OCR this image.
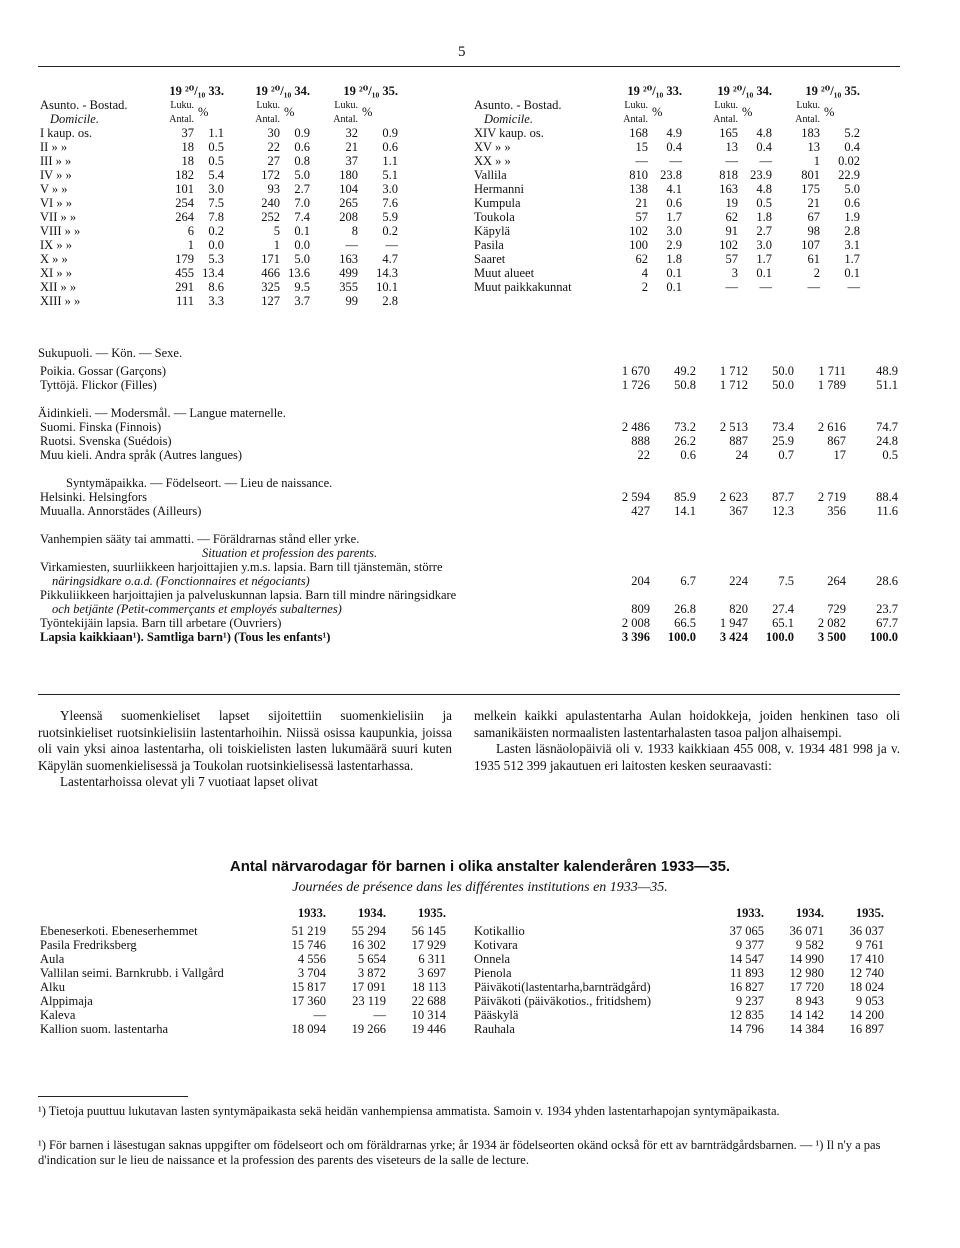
5
	19 ²⁰/₁₀ 33.		19 ²⁰/₁₀ 34.		19 ²⁰/₁₀ 35.	
Asunto. - Bostad.	Luku.	%	Luku.	%	Luku.	%
Domicile.	Antal.		Antal.		Antal.	
I kaup. os.	37	1.1	30	0.9	32	0.9
II » »	18	0.5	22	0.6	21	0.6
III » »	18	0.5	27	0.8	37	1.1
IV » »	182	5.4	172	5.0	180	5.1
V » »	101	3.0	93	2.7	104	3.0
VI » »	254	7.5	240	7.0	265	7.6
VII » »	264	7.8	252	7.4	208	5.9
VIII » »	6	0.2	5	0.1	8	0.2
IX » »	1	0.0	1	0.0	—	—
X » »	179	5.3	171	5.0	163	4.7
XI » »	455	13.4	466	13.6	499	14.3
XII » »	291	8.6	325	9.5	355	10.1
XIII » »	111	3.3	127	3.7	99	2.8
	19 ²⁰/₁₀ 33.		19 ²⁰/₁₀ 34.		19 ²⁰/₁₀ 35.	
Asunto. - Bostad.	Luku.	%	Luku.	%	Luku.	%
Domicile.	Antal.		Antal.		Antal.	
XIV kaup. os.	168	4.9	165	4.8	183	5.2
XV » »	15	0.4	13	0.4	13	0.4
XX » »	—	—	—	—	1	0.02
Vallila	810	23.8	818	23.9	801	22.9
Hermanni	138	4.1	163	4.8	175	5.0
Kumpula	21	0.6	19	0.5	21	0.6
Toukola	57	1.7	62	1.8	67	1.9
Käpylä	102	3.0	91	2.7	98	2.8
Pasila	100	2.9	102	3.0	107	3.1
Saaret	62	1.8	57	1.7	61	1.7
Muut alueet	4	0.1	3	0.1	2	0.1
Muut paikkakunnat	2	0.1	—	—	—	—
Sukupuoli. — Kön. — Sexe.						

Poikia. Gossar (Garçons)	1 670	49.2	1 712	50.0	1 711	48.9
Tyttöjä. Flickor (Filles)	1 726	50.8	1 712	50.0	1 789	51.1

Äidinkieli. — Modersmål. — Langue maternelle.						
Suomi. Finska (Finnois)	2 486	73.2	2 513	73.4	2 616	74.7
Ruotsi. Svenska (Suédois)	888	26.2	887	25.9	867	24.8
Muu kieli. Andra språk (Autres langues)	22	0.6	24	0.7	17	0.5

Syntymäpaikka. — Födelseort. — Lieu de naissance.						
Helsinki. Helsingfors	2 594	85.9	2 623	87.7	2 719	88.4
Muualla. Annorstädes (Ailleurs)	427	14.1	367	12.3	356	11.6

Vanhempien sääty tai ammatti. — Föräldrarnas stånd eller yrke.						
Situation et profession des parents.						
Virkamiesten, suurliikkeen harjoittajien y.m.s. lapsia. Barn till tjänstemän, större						
näringsidkare o.a.d. (Fonctionnaires et négociants)	204	6.7	224	7.5	264	28.6
Pikkuliikkeen harjoittajien ja palveluskunnan lapsia. Barn till mindre näringsidkare						
och betjänte (Petit-commerçants et employés subalternes)	809	26.8	820	27.4	729	23.7
Työntekijäin lapsia. Barn till arbetare (Ouvriers)	2 008	66.5	1 947	65.1	2 082	67.7
Lapsia kaikkiaan¹). Samtliga barn¹) (Tous les enfants¹)	3 396	100.0	3 424	100.0	3 500	100.0

Yleensä suomenkieliset lapset sijoitettiin suomenkielisiin ja ruotsinkieliset ruotsinkielisiin lastentarhoihin. Niissä osissa kaupunkia, joissa oli vain yksi ainoa lastentarha, oli toiskielisten lasten lukumäärä suuri kuten Käpylän suomenkielisessä ja Toukolan ruotsinkielisessä lastentarhassa.

Lastentarhoissa olevat yli 7 vuotiaat lapset olivat

melkein kaikki apulastentarha Aulan hoidokkeja, joiden henkinen taso oli samanikäisten normaalisten lastentarhalasten tasoa paljon alhaisempi.

Lasten läsnäolopäiviä oli v. 1933 kaikkiaan 455 008, v. 1934 481 998 ja v. 1935 512 399 jakautuen eri laitosten kesken seuraavasti:

Antal närvarodagar för barnen i olika anstalter kalenderåren 1933—35.
Journées de présence dans les différentes institutions en 1933—35.
	1933.	1934.	1935.

Ebeneserkoti. Ebeneserhemmet	51 219	55 294	56 145
Pasila Fredriksberg	15 746	16 302	17 929
Aula	4 556	5 654	6 311
Vallilan seimi. Barnkrubb. i Vallgård	3 704	3 872	3 697
Alku	15 817	17 091	18 113
Alppimaja	17 360	23 119	22 688
Kaleva	—	—	10 314
Kallion suom. lastentarha	18 094	19 266	19 446
	1933.	1934.	1935.

Kotikallio	37 065	36 071	36 037
Kotivara	9 377	9 582	9 761
Onnela	14 547	14 990	17 410
Pienola	11 893	12 980	12 740
Päiväkoti(lastentarha,barnträdgård)	16 827	17 720	18 024
Päiväkoti (päiväkotios., fritidshem)	9 237	8 943	9 053
Pääskylä	12 835	14 142	14 200
Rauhala	14 796	14 384	16 897
¹) Tietoja puuttuu lukutavan lasten syntymäpaikasta sekä heidän vanhempiensa ammatista. Samoin v. 1934 yhden lastentarhapojan syntymäpaikasta.
¹) För barnen i läsestugan saknas uppgifter om födelseort och om föräldrarnas yrke; år 1934 är födelseorten okänd också för ett av barnträdgårdsbarnen. — ¹) Il n'y a pas d'indication sur le lieu de naissance et la profession des parents des viseteurs de la salle de lecture.
